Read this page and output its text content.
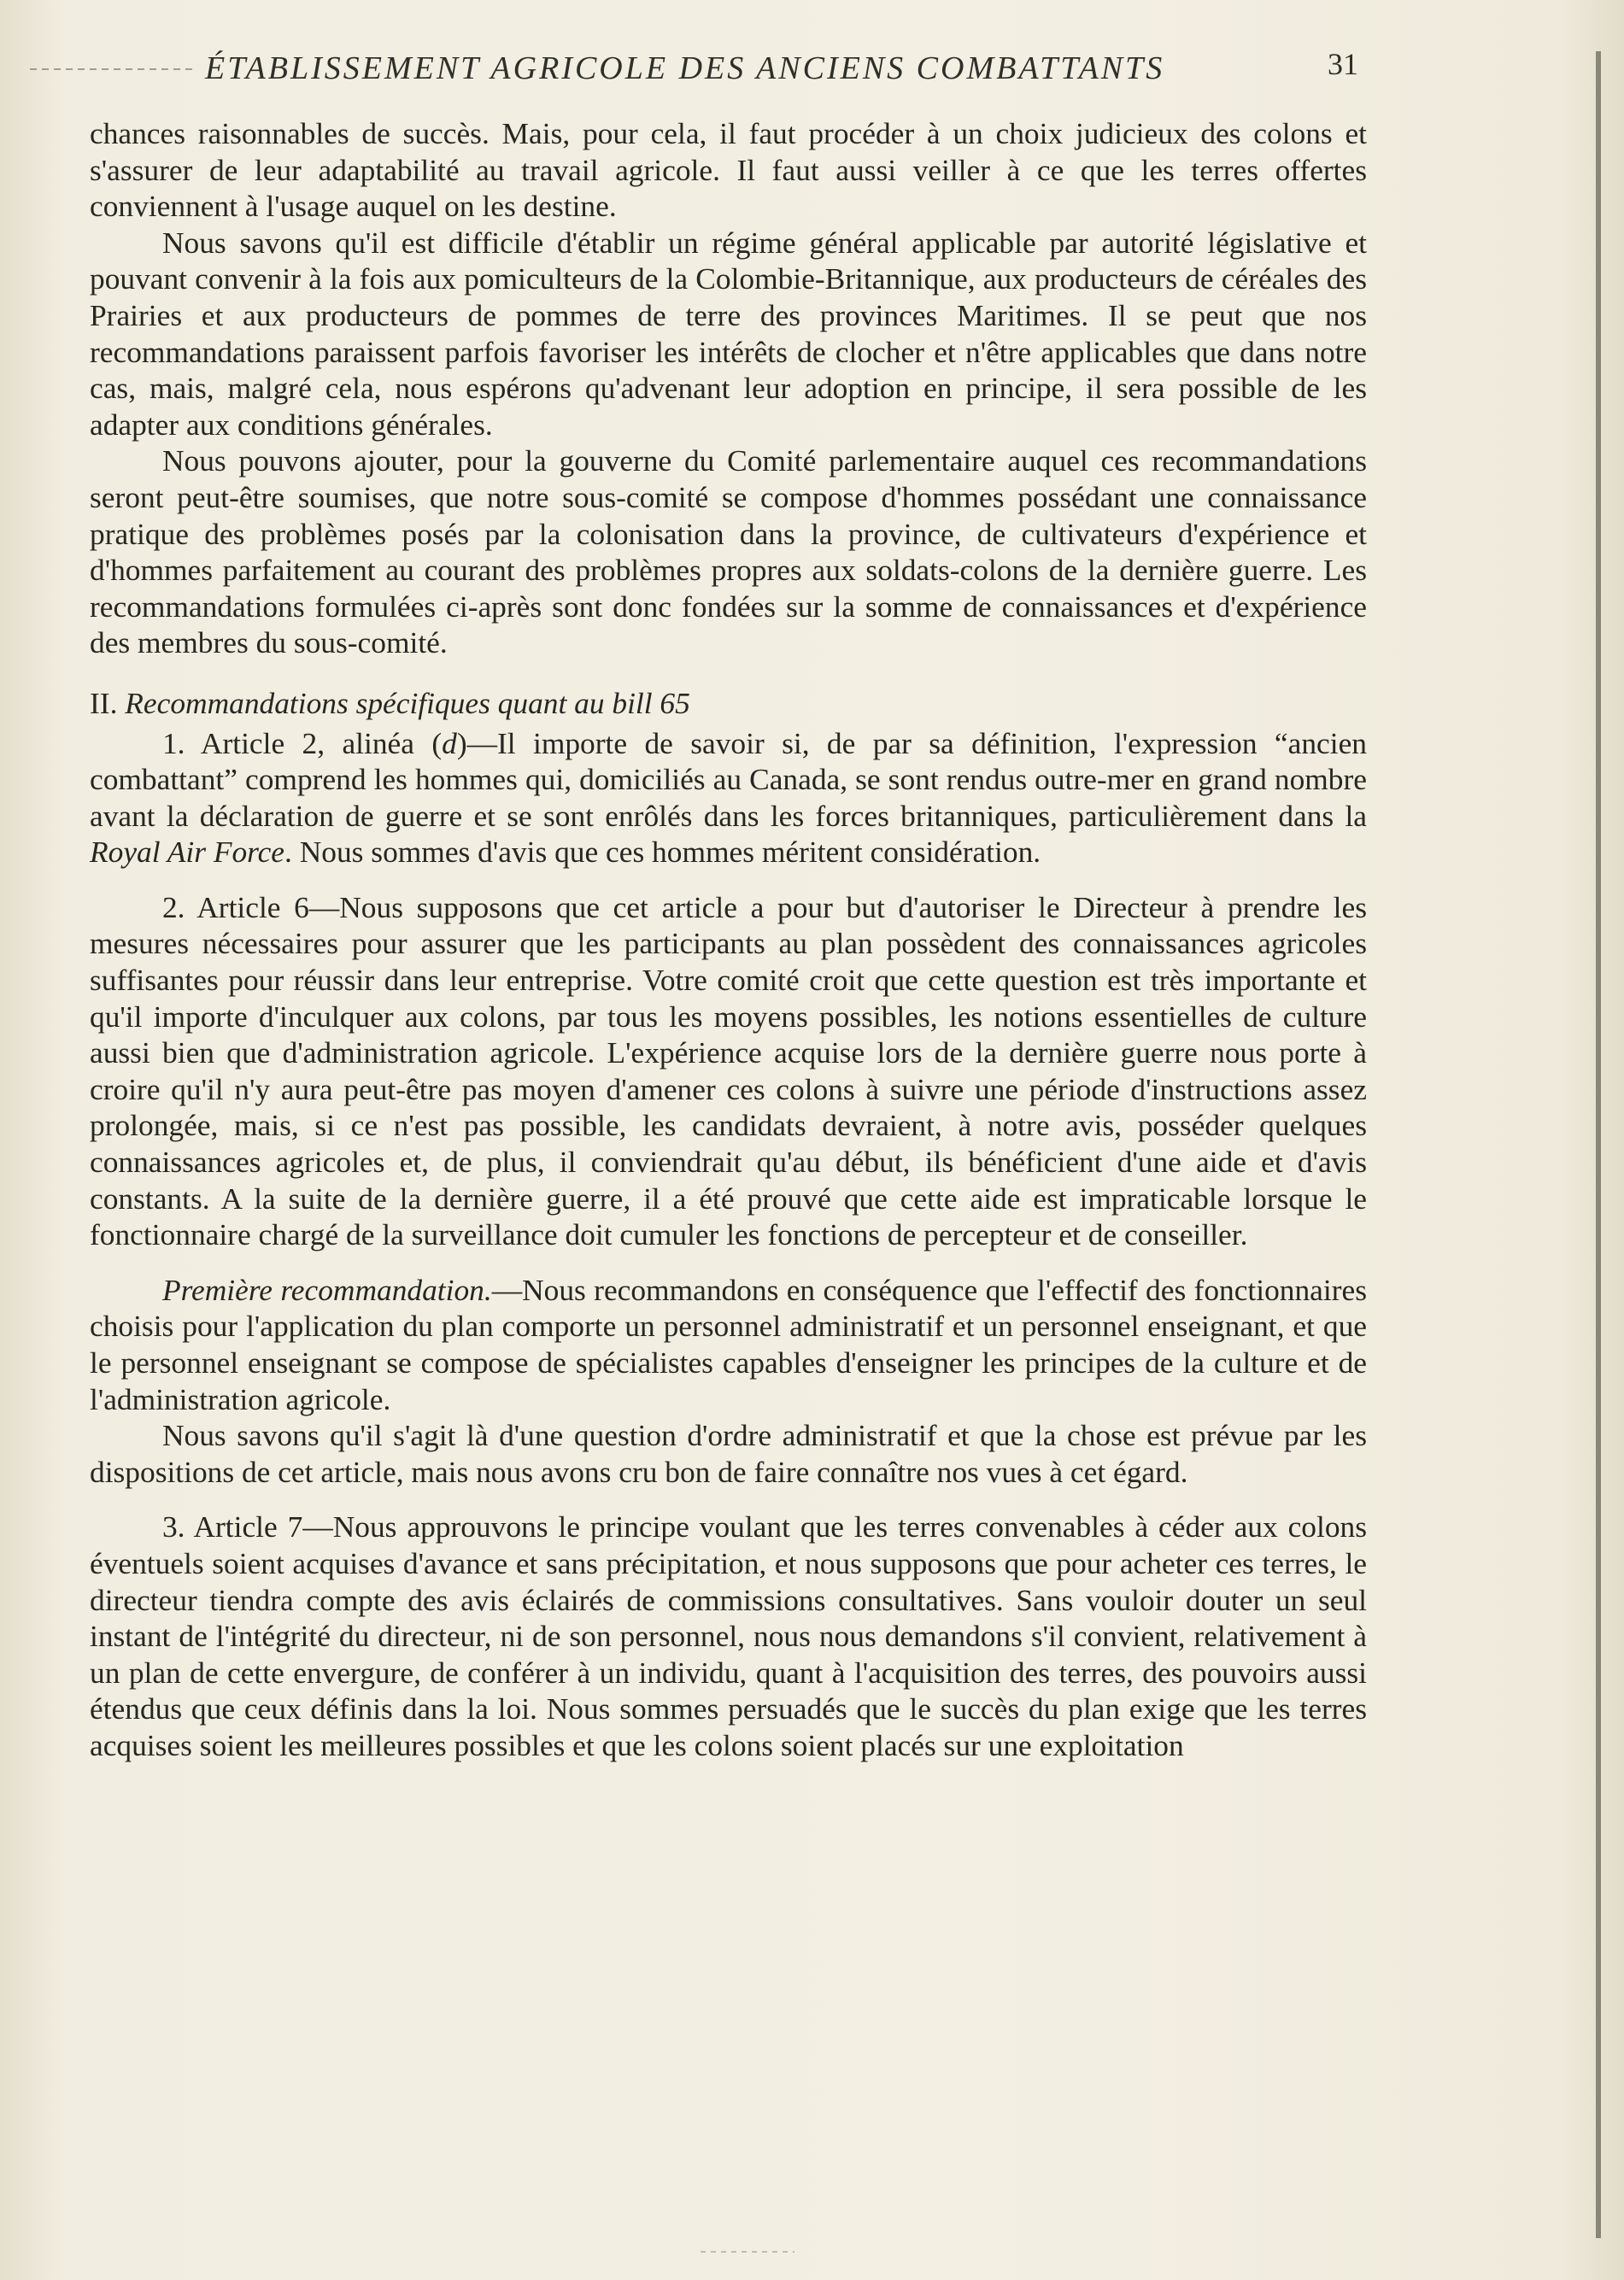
ÉTABLISSEMENT AGRICOLE DES ANCIENS COMBATTANTS	31

chances raisonnables de succès. Mais, pour cela, il faut procéder à un choix judicieux des colons et s'assurer de leur adaptabilité au travail agricole. Il faut aussi veiller à ce que les terres offertes conviennent à l'usage auquel on les destine.

Nous savons qu'il est difficile d'établir un régime général applicable par autorité législative et pouvant convenir à la fois aux pomiculteurs de la Colombie-Britannique, aux producteurs de céréales des Prairies et aux producteurs de pommes de terre des provinces Maritimes. Il se peut que nos recommandations paraissent parfois favoriser les intérêts de clocher et n'être applicables que dans notre cas, mais, malgré cela, nous espérons qu'advenant leur adoption en principe, il sera possible de les adapter aux conditions générales.

Nous pouvons ajouter, pour la gouverne du Comité parlementaire auquel ces recommandations seront peut-être soumises, que notre sous-comité se compose d'hommes possédant une connaissance pratique des problèmes posés par la colonisation dans la province, de cultivateurs d'expérience et d'hommes parfaitement au courant des problèmes propres aux soldats-colons de la dernière guerre. Les recommandations formulées ci-après sont donc fondées sur la somme de connaissances et d'expérience des membres du sous-comité.

II. Recommandations spécifiques quant au bill 65

1. Article 2, alinéa (d)—Il importe de savoir si, de par sa définition, l'expression “ancien combattant” comprend les hommes qui, domiciliés au Canada, se sont rendus outre-mer en grand nombre avant la déclaration de guerre et se sont enrôlés dans les forces britanniques, particulièrement dans la Royal Air Force. Nous sommes d'avis que ces hommes méritent considération.

2. Article 6—Nous supposons que cet article a pour but d'autoriser le Directeur à prendre les mesures nécessaires pour assurer que les participants au plan possèdent des connaissances agricoles suffisantes pour réussir dans leur entreprise. Votre comité croit que cette question est très importante et qu'il importe d'inculquer aux colons, par tous les moyens possibles, les notions essentielles de culture aussi bien que d'administration agricole. L'expérience acquise lors de la dernière guerre nous porte à croire qu'il n'y aura peut-être pas moyen d'amener ces colons à suivre une période d'instructions assez prolongée, mais, si ce n'est pas possible, les candidats devraient, à notre avis, posséder quelques connaissances agricoles et, de plus, il conviendrait qu'au début, ils bénéficient d'une aide et d'avis constants. A la suite de la dernière guerre, il a été prouvé que cette aide est impraticable lorsque le fonctionnaire chargé de la surveillance doit cumuler les fonctions de percepteur et de conseiller.

Première recommandation.—Nous recommandons en conséquence que l'effectif des fonctionnaires choisis pour l'application du plan comporte un personnel administratif et un personnel enseignant, et que le personnel enseignant se compose de spécialistes capables d'enseigner les principes de la culture et de l'administration agricole.

Nous savons qu'il s'agit là d'une question d'ordre administratif et que la chose est prévue par les dispositions de cet article, mais nous avons cru bon de faire connaître nos vues à cet égard.

3. Article 7—Nous approuvons le principe voulant que les terres convenables à céder aux colons éventuels soient acquises d'avance et sans précipitation, et nous supposons que pour acheter ces terres, le directeur tiendra compte des avis éclairés de commissions consultatives. Sans vouloir douter un seul instant de l'intégrité du directeur, ni de son personnel, nous nous demandons s'il convient, relativement à un plan de cette envergure, de conférer à un individu, quant à l'acquisition des terres, des pouvoirs aussi étendus que ceux définis dans la loi. Nous sommes persuadés que le succès du plan exige que les terres acquises soient les meilleures possibles et que les colons soient placés sur une exploitation
